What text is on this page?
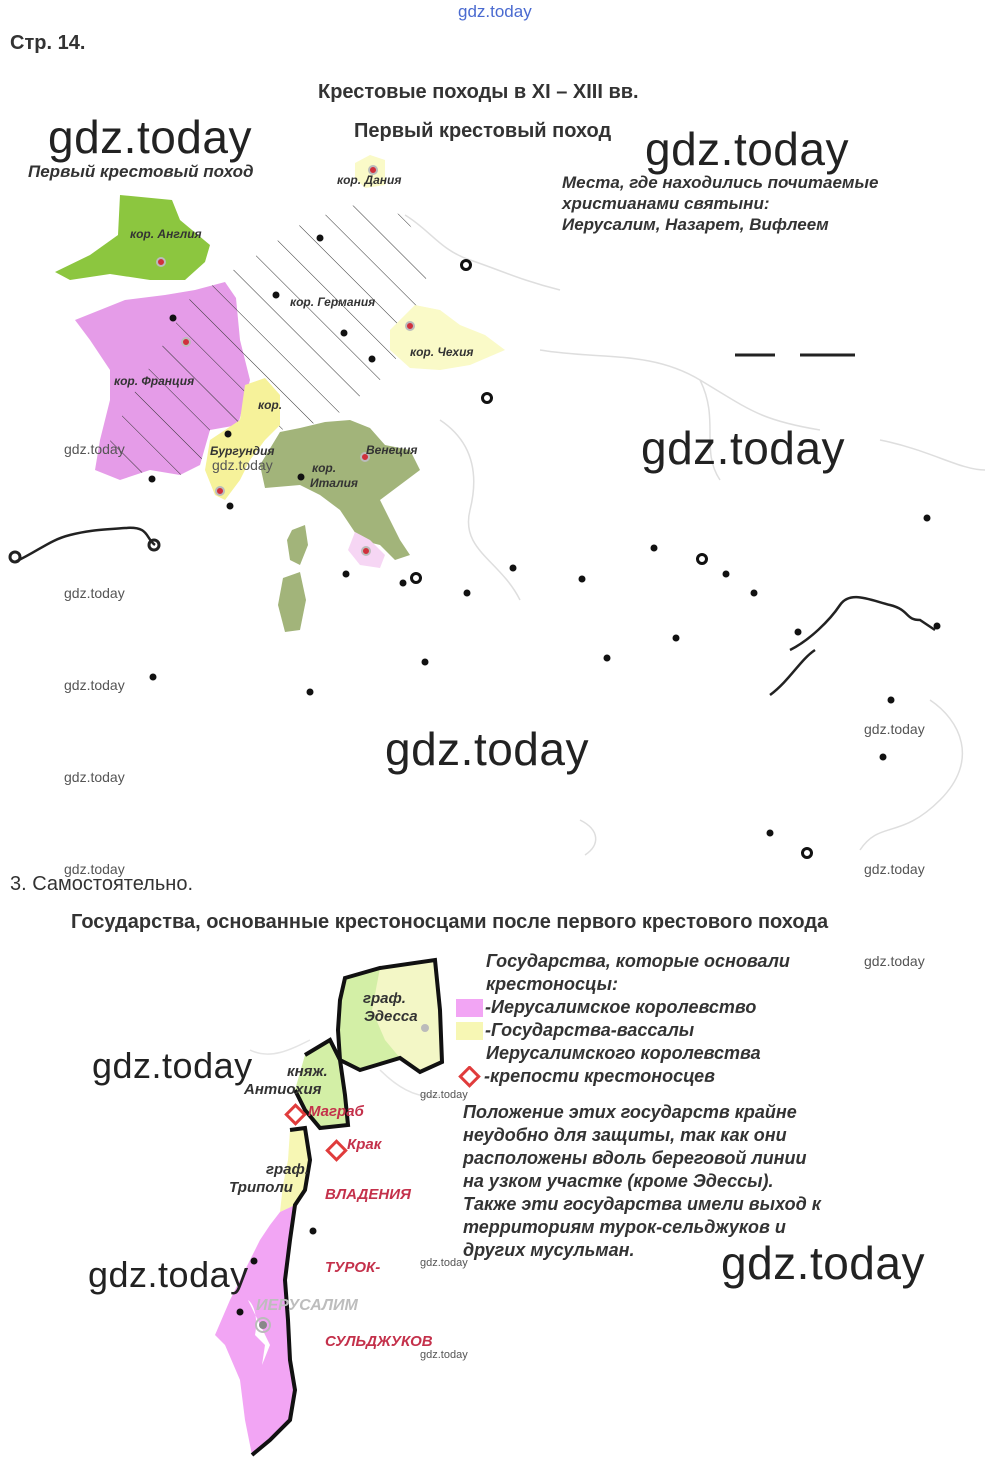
gdz.today
Стр. 14.
Крестовые походы в XI – XIII вв.
Первый крестовый поход
Первый крестовый поход
Места, где находились почитаемые
христианами святыни:
Иерусалим, Назарет, Вифлеем
кор. Дания
кор. Англия
кор. Германия
кор. Чехия
кор. Франция
кор.
Бургундия	Венеция
кор.
Италия
3. Самостоятельно.
Государства, основанные крестоносцами после первого крестового похода
Государства, которые основали
крестоносцы:
-Иерусалимское королевство
-Государства-вассалы
Иерусалимского королевства
-крепости крестоносцев
Положение этих государств крайне
неудобно для защиты, так как они
расположены вдоль береговой линии
на узком участке (кроме Эдессы).
Также эти государства имели выход к
территориям турок-сельджуков и
других мусульман.
граф.
Эдесса
княж.
Антиохия
Маграб
Крак
граф.
Триполи ВЛАДЕНИЯ
ТУРОК-
СУЛЬДЖУКОВ
ИЕРУСАЛИМ
gdz.today	gdz.today
gdz.today
gdz.today
gdz.today
gdz.today	gdz.today
gdz.today
gdz.today
gdz.today
gdz.today
gdz.today
gdz.today
gdz.today	gdz.today
gdz.today
gdz.today
gdz.today
gdz.today
